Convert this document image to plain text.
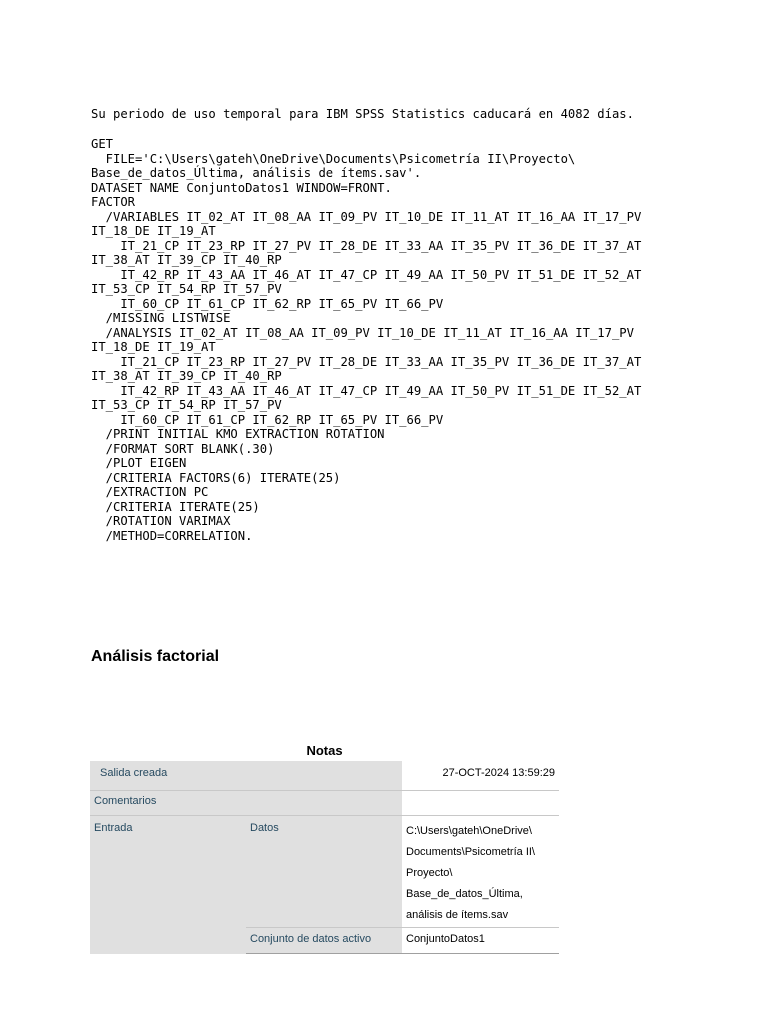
Su periodo de uso temporal para IBM SPSS Statistics caducará en 4082 días.
GET
FILE='C:\Users\gateh\OneDrive\Documents\Psicometría II\Proyecto\
Base_de_datos_Última, análisis de ítems.sav'.
DATASET NAME ConjuntoDatos1 WINDOW=FRONT.
FACTOR
/VARIABLES IT_02_AT IT_08_AA IT_09_PV IT_10_DE IT_11_AT IT_16_AA IT_17_PV
IT_18_DE IT_19_AT
IT_21_CP IT_23_RP IT_27_PV IT_28_DE IT_33_AA IT_35_PV IT_36_DE IT_37_AT
IT_38_AT IT_39_CP IT_40_RP
IT_42_RP IT_43_AA IT_46_AT IT_47_CP IT_49_AA IT_50_PV IT_51_DE IT_52_AT
IT_53_CP IT_54_RP IT_57_PV
IT_60_CP IT_61_CP IT_62_RP IT_65_PV IT_66_PV
/MISSING LISTWISE
/ANALYSIS IT_02_AT IT_08_AA IT_09_PV IT_10_DE IT_11_AT IT_16_AA IT_17_PV
IT_18_DE IT_19_AT
IT_21_CP IT_23_RP IT_27_PV IT_28_DE IT_33_AA IT_35_PV IT_36_DE IT_37_AT
IT_38_AT IT_39_CP IT_40_RP
IT_42_RP IT_43_AA IT_46_AT IT_47_CP IT_49_AA IT_50_PV IT_51_DE IT_52_AT
IT_53_CP IT_54_RP IT_57_PV
IT_60_CP IT_61_CP IT_62_RP IT_65_PV IT_66_PV
/PRINT INITIAL KMO EXTRACTION ROTATION
/FORMAT SORT BLANK(.30)
/PLOT EIGEN
/CRITERIA FACTORS(6) ITERATE(25)
/EXTRACTION PC
/CRITERIA ITERATE(25)
/ROTATION VARIMAX
/METHOD=CORRELATION.
Análisis factorial
Notas
Salida creada		27-OCT-2024 13:59:29
Comentarios		
Entrada	Datos	C:\Users\gateh\OneDrive\
Documents\Psicometría II\
Proyecto\
Base_de_datos_Última,
análisis de ítems.sav

	Conjunto de datos activo	ConjuntoDatos1
